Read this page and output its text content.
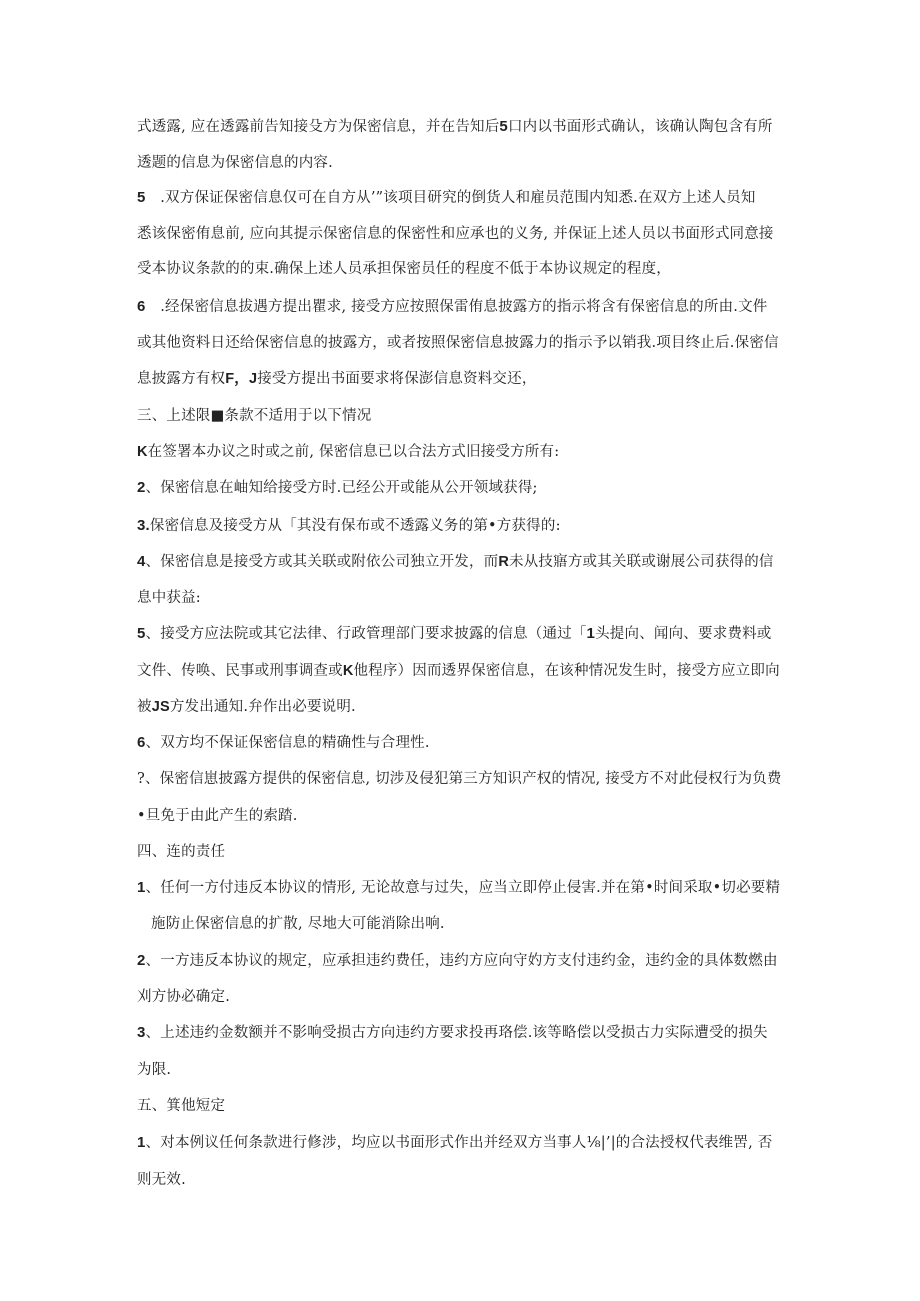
式透露, 应在透露前告知接殳方为保密信息，并在告知后5口内以书面形式确认，该确认陶包含有所
透题的信息为保密信息的内容.
5　.双方保证保密信息仅可在自方从’”该项目研究的倒货人和雇员范围内知悉.在双方上述人员知
悉该保密侑息前, 应向其提示保密信息的保密性和应承也的义务, 并保证上述人员以书面形式同意接
受本协议条款的的束.确保上述人员承担保密员任的程度不低于本协议规定的程度，
6　.经保密信息拔遇方提出瞿求, 接受方应按照保雷侑息披露方的指示将含有保密信息的所由.文件
或其他资料日还给保密信息的披露方，或者按照保密信息披露力的指示予以销我.项目终止后.保密信
息披露方有权F，J接受方提出书面要求将保澎信息资料交还，
三、上述限■条款不适用于以下情况
K在签署本办议之时或之前, 保密信息已以合法方式旧接受方所有:
2、保密信息在岫知给接受方时.已经公开或能从公开领域获得;
3.保密信息及接受方从「其没有保布或不透露义务的第•方获得的:
4、保密信息是接受方或其关联或附依公司独立开发，而R未从技寤方或其关联或谢展公司获得的信
息中获益:
5、接受方应法院或其它法律、行政管理部门要求披露的信息（通过「1头提向、闻向、要求费料或
文件、传唤、民事或刑事调查或K他程序）因而透界保密信息，在该种情况发生时，接受方应立即向
被JS方发出通知.弁作出必要说明.
6、双方均不保证保密信息的精确性与合理性.
?、保密信崽披露方提供的保密信息, 切涉及侵犯第三方知识产权的情况, 接受方不对此侵权行为负费
•旦免于由此产生的索踏.
四、连的责任
1、任何一方付违反本协议的情形, 无论故意与过失，应当立即停止侵害.并在第•时间采取•切必要精
施防止保密信息的扩散, 尽地大可能消除出响.
2、一方违反本协议的规定，应承担违约费任，违约方应向守妁方支付违约金，违约金的具体数燃由
刈方协必确定.
3、上述违约金数额并不影响受损古方向违约方要求投再珞偿.该等略偿以受损古力实际遭受的损失
为限.
五、箕他短定
1、对本例议任何条款进行修涉，均应以书面形式作出并经双方当事人⅛|’|的合法授权代表维罟, 否
则无效.
